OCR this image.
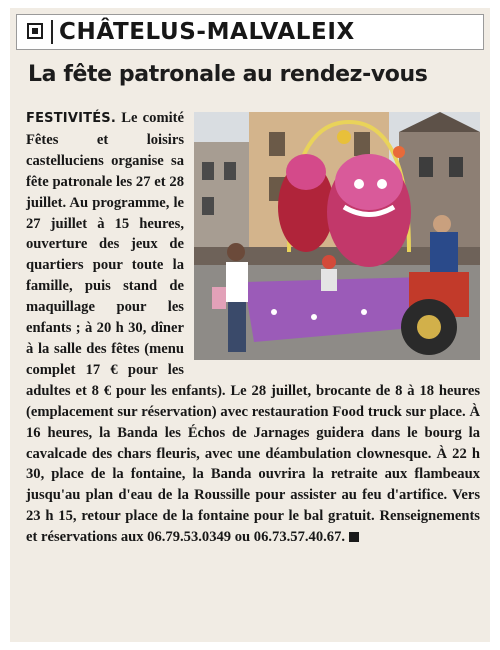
CHÂTELUS-MALVALEIX
La fête patronale au rendez-vous
FESTIVITÉS. Le comité Fêtes et loisirs castelluciens organise sa fête patronale les 27 et 28 juillet. Au programme, le 27 juillet à 15 heures, ouverture des jeux de quartiers pour toute la famille, puis stand de maquillage pour les enfants ; à 20 h 30, dîner à la salle des fêtes (menu complet 17 € pour les adultes et 8 € pour les enfants). Le 28 juillet, brocante de 8 à 18 heures (emplacement sur réservation) avec restauration Food truck sur place. À 16 heures, la Banda les Échos de Jarnages guidera dans le bourg la cavalcade des chars fleuris, avec une déambulation clownesque. À 22 h 30, place de la fontaine, la Banda ouvrira la retraite aux flambeaux jusqu'au plan d'eau de la Roussille pour assister au feu d'artifice. Vers 23 h 15, retour place de la fontaine pour le bal gratuit. Renseignements et réservations aux 06.79.53.0349 ou 06.73.57.40.67.
